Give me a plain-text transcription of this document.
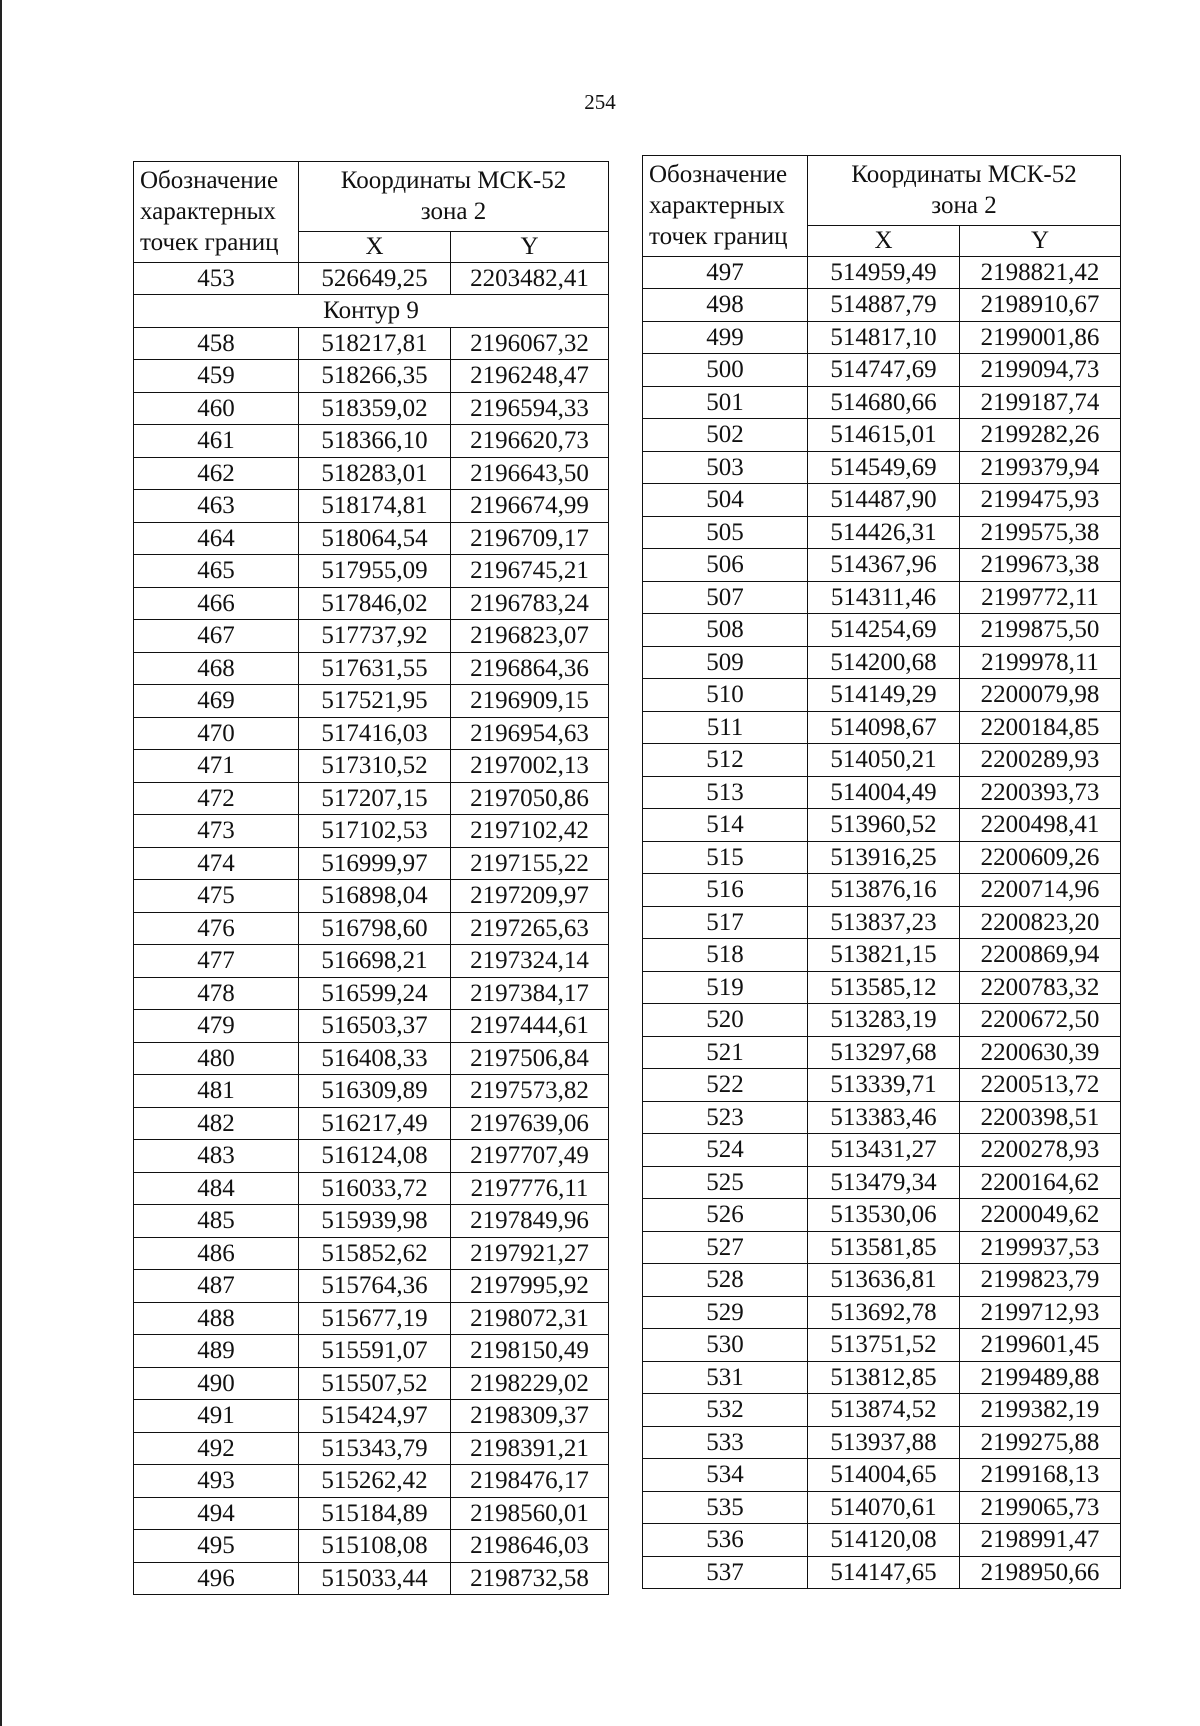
254
Обозначение
характерных
точек границ	Координаты МСК-52
зона 2	
	X	Y
453	526649,25	2203482,41
Контур 9		
458	518217,81	2196067,32
459	518266,35	2196248,47
460	518359,02	2196594,33
461	518366,10	2196620,73
462	518283,01	2196643,50
463	518174,81	2196674,99
464	518064,54	2196709,17
465	517955,09	2196745,21
466	517846,02	2196783,24
467	517737,92	2196823,07
468	517631,55	2196864,36
469	517521,95	2196909,15
470	517416,03	2196954,63
471	517310,52	2197002,13
472	517207,15	2197050,86
473	517102,53	2197102,42
474	516999,97	2197155,22
475	516898,04	2197209,97
476	516798,60	2197265,63
477	516698,21	2197324,14
478	516599,24	2197384,17
479	516503,37	2197444,61
480	516408,33	2197506,84
481	516309,89	2197573,82
482	516217,49	2197639,06
483	516124,08	2197707,49
484	516033,72	2197776,11
485	515939,98	2197849,96
486	515852,62	2197921,27
487	515764,36	2197995,92
488	515677,19	2198072,31
489	515591,07	2198150,49
490	515507,52	2198229,02
491	515424,97	2198309,37
492	515343,79	2198391,21
493	515262,42	2198476,17
494	515184,89	2198560,01
495	515108,08	2198646,03
496	515033,44	2198732,58
Обозначение
характерных
точек границ	Координаты МСК-52
зона 2	
	X	Y
497	514959,49	2198821,42
498	514887,79	2198910,67
499	514817,10	2199001,86
500	514747,69	2199094,73
501	514680,66	2199187,74
502	514615,01	2199282,26
503	514549,69	2199379,94
504	514487,90	2199475,93
505	514426,31	2199575,38
506	514367,96	2199673,38
507	514311,46	2199772,11
508	514254,69	2199875,50
509	514200,68	2199978,11
510	514149,29	2200079,98
511	514098,67	2200184,85
512	514050,21	2200289,93
513	514004,49	2200393,73
514	513960,52	2200498,41
515	513916,25	2200609,26
516	513876,16	2200714,96
517	513837,23	2200823,20
518	513821,15	2200869,94
519	513585,12	2200783,32
520	513283,19	2200672,50
521	513297,68	2200630,39
522	513339,71	2200513,72
523	513383,46	2200398,51
524	513431,27	2200278,93
525	513479,34	2200164,62
526	513530,06	2200049,62
527	513581,85	2199937,53
528	513636,81	2199823,79
529	513692,78	2199712,93
530	513751,52	2199601,45
531	513812,85	2199489,88
532	513874,52	2199382,19
533	513937,88	2199275,88
534	514004,65	2199168,13
535	514070,61	2199065,73
536	514120,08	2198991,47
537	514147,65	2198950,66
